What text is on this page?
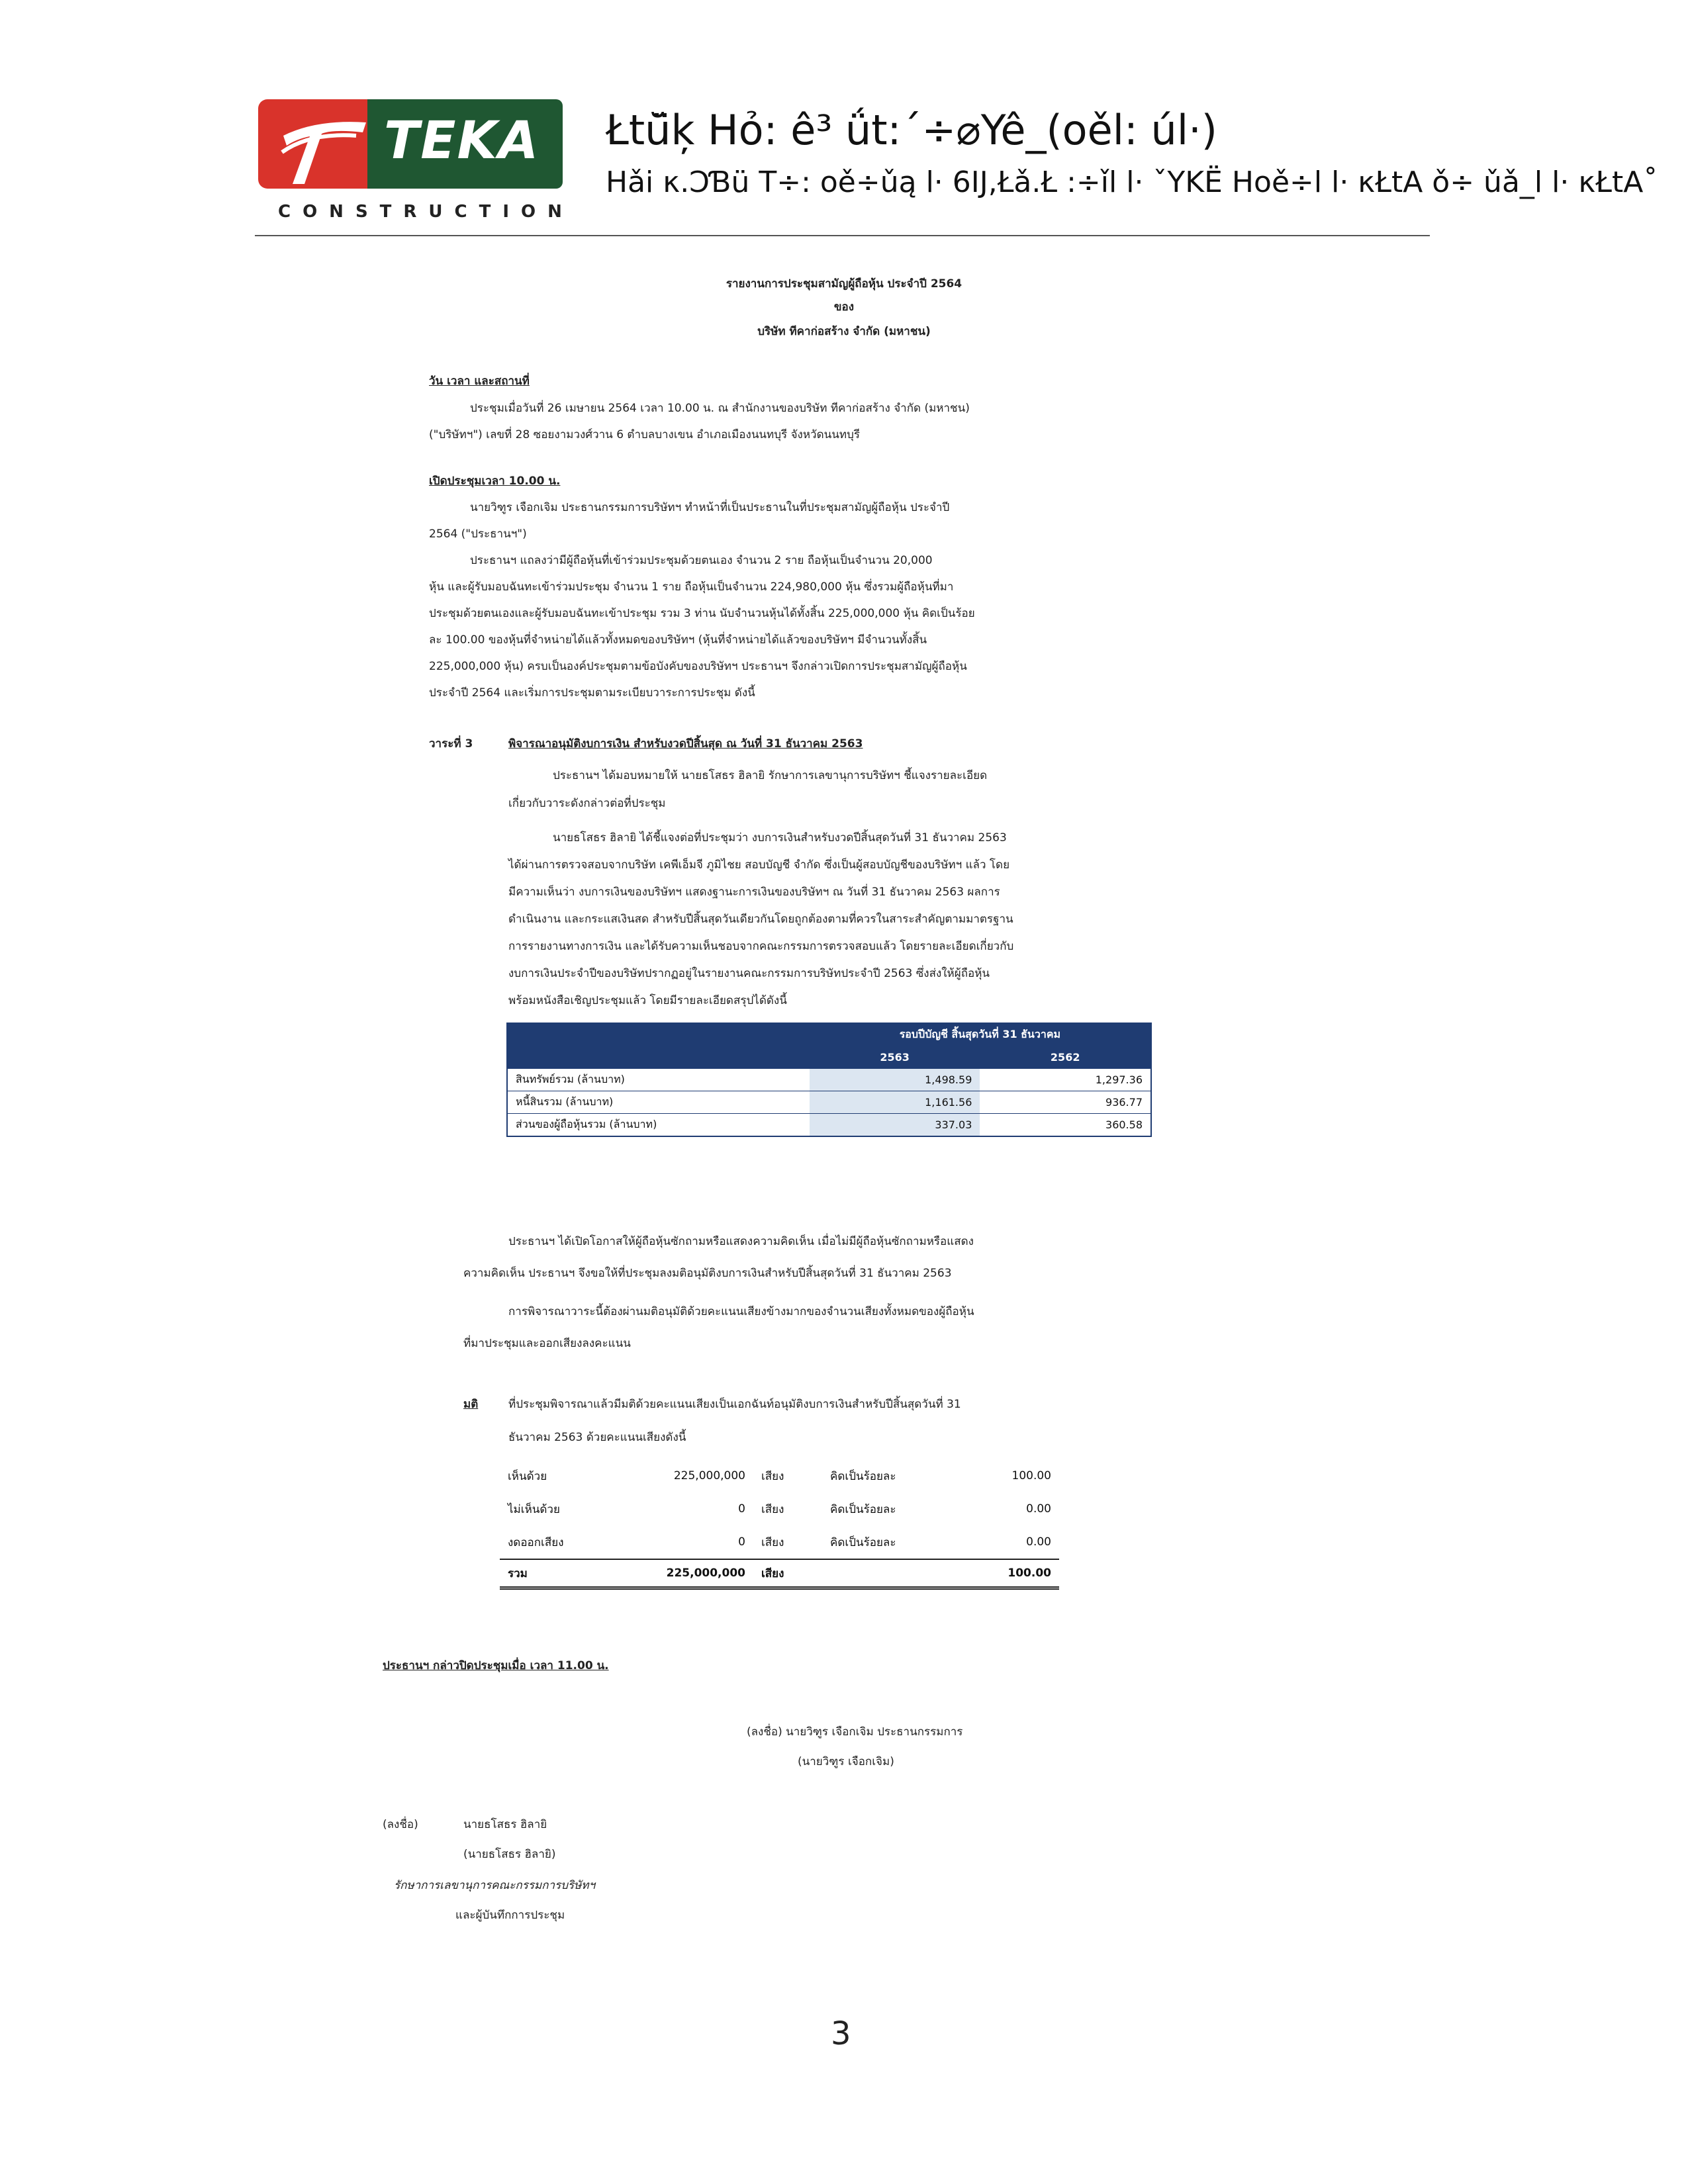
TEKA
CONSTRUCTION
Łtŭ̈ķ Hỏ: ê³ ǘt:´÷⌀Yê_(oěl: úl·)
Hǎi κ.ƆƁü T÷: oě÷ǔą l· 6IJ,Łǎ.Ł :÷ǐl l· ˇYKЁ Hoě÷l l· κŁtA ǒ÷ ǔǎ_l l· κŁtA˚
รายงานการประชุมสามัญผู้ถือหุ้น ประจำปี 2564
ของ
บริษัท ทีคาก่อสร้าง จำกัด (มหาชน)
วัน เวลา และสถานที่
ประชุมเมื่อวันที่ 26 เมษายน 2564 เวลา 10.00 น. ณ สำนักงานของบริษัท ทีคาก่อสร้าง จำกัด (มหาชน)
("บริษัทฯ") เลขที่ 28 ซอยงามวงศ์วาน 6 ตำบลบางเขน อำเภอเมืองนนทบุรี จังหวัดนนทบุรี
เปิดประชุมเวลา 10.00 น.
นายวิฑูร เจือกเจิม ประธานกรรมการบริษัทฯ ทำหน้าที่เป็นประธานในที่ประชุมสามัญผู้ถือหุ้น ประจำปี
2564 ("ประธานฯ")
ประธานฯ แถลงว่ามีผู้ถือหุ้นที่เข้าร่วมประชุมด้วยตนเอง จำนวน 2 ราย ถือหุ้นเป็นจำนวน 20,000
หุ้น และผู้รับมอบฉันทะเข้าร่วมประชุม จำนวน 1 ราย ถือหุ้นเป็นจำนวน 224,980,000 หุ้น ซึ่งรวมผู้ถือหุ้นที่มา
ประชุมด้วยตนเองและผู้รับมอบฉันทะเข้าประชุม รวม 3 ท่าน นับจำนวนหุ้นได้ทั้งสิ้น 225,000,000 หุ้น คิดเป็นร้อย
ละ 100.00 ของหุ้นที่จำหน่ายได้แล้วทั้งหมดของบริษัทฯ (หุ้นที่จำหน่ายได้แล้วของบริษัทฯ มีจำนวนทั้งสิ้น
225,000,000 หุ้น) ครบเป็นองค์ประชุมตามข้อบังคับของบริษัทฯ ประธานฯ จึงกล่าวเปิดการประชุมสามัญผู้ถือหุ้น
ประจำปี 2564 และเริ่มการประชุมตามระเบียบวาระการประชุม ดังนี้
วาระที่ 3	พิจารณาอนุมัติงบการเงิน สำหรับงวดปีสิ้นสุด ณ วันที่ 31 ธันวาคม 2563
ประธานฯ ได้มอบหมายให้ นายธโสธร ฮิลายิ รักษาการเลขานุการบริษัทฯ ชี้แจงรายละเอียด
เกี่ยวกับวาระดังกล่าวต่อที่ประชุม
นายธโสธร ฮิลายิ ได้ชี้แจงต่อที่ประชุมว่า งบการเงินสำหรับงวดปีสิ้นสุดวันที่ 31 ธันวาคม 2563
ได้ผ่านการตรวจสอบจากบริษัท เคพีเอ็มจี ภูมิไชย สอบบัญชี จำกัด ซึ่งเป็นผู้สอบบัญชีของบริษัทฯ แล้ว โดย
มีความเห็นว่า งบการเงินของบริษัทฯ แสดงฐานะการเงินของบริษัทฯ ณ วันที่ 31 ธันวาคม 2563 ผลการ
ดำเนินงาน และกระแสเงินสด สำหรับปีสิ้นสุดวันเดียวกันโดยถูกต้องตามที่ควรในสาระสำคัญตามมาตรฐาน
การรายงานทางการเงิน และได้รับความเห็นชอบจากคณะกรรมการตรวจสอบแล้ว โดยรายละเอียดเกี่ยวกับ
งบการเงินประจำปีของบริษัทปรากฏอยู่ในรายงานคณะกรรมการบริษัทประจำปี 2563 ซึ่งส่งให้ผู้ถือหุ้น
พร้อมหนังสือเชิญประชุมแล้ว โดยมีรายละเอียดสรุปได้ดังนี้
	รอบปีบัญชี สิ้นสุดวันที่ 31 ธันวาคม	
	2563	2562
สินทรัพย์รวม (ล้านบาท)	1,498.59	1,297.36
หนี้สินรวม (ล้านบาท)	1,161.56	936.77
ส่วนของผู้ถือหุ้นรวม (ล้านบาท)	337.03	360.58
ประธานฯ ได้เปิดโอกาสให้ผู้ถือหุ้นซักถามหรือแสดงความคิดเห็น เมื่อไม่มีผู้ถือหุ้นซักถามหรือแสดง
ความคิดเห็น ประธานฯ จึงขอให้ที่ประชุมลงมติอนุมัติงบการเงินสำหรับปีสิ้นสุดวันที่ 31 ธันวาคม 2563
การพิจารณาวาระนี้ต้องผ่านมติอนุมัติด้วยคะแนนเสียงข้างมากของจำนวนเสียงทั้งหมดของผู้ถือหุ้น
ที่มาประชุมและออกเสียงลงคะแนน
มติ	ที่ประชุมพิจารณาแล้วมีมติด้วยคะแนนเสียงเป็นเอกฉันท์อนุมัติงบการเงินสำหรับปีสิ้นสุดวันที่ 31
ธันวาคม 2563 ด้วยคะแนนเสียงดังนี้
เห็นด้วย	225,000,000	เสียง	คิดเป็นร้อยละ	100.00
ไม่เห็นด้วย	0	เสียง	คิดเป็นร้อยละ	0.00
งดออกเสียง	0	เสียง	คิดเป็นร้อยละ	0.00
รวม	225,000,000	เสียง		100.00
ประธานฯ กล่าวปิดประชุมเมื่อ เวลา 11.00 น.
(ลงชื่อ) นายวิฑูร เจือกเจิม ประธานกรรมการ
(นายวิฑูร เจือกเจิม)
(ลงชื่อ)	นายธโสธร ฮิลายิ
(นายธโสธร ฮิลายิ)
รักษาการเลขานุการคณะกรรมการบริษัทฯ
และผู้บันทึกการประชุม
3
